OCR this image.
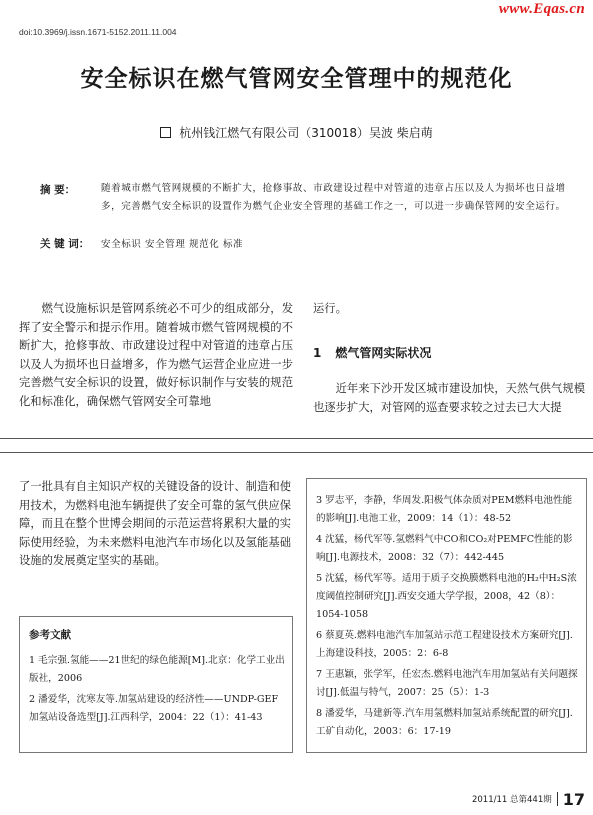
www.Eqas.cn
doi:10.3969/j.issn.1671-5152.2011.11.004
安全标识在燃气管网安全管理中的规范化
杭州钱江燃气有限公司（310018）吴波 柴启萌
摘 要：	随着城市燃气管网规模的不断扩大，抢修事故、市政建设过程中对管道的违章占压以及人为损坏也日益增多，完善燃气安全标识的设置作为燃气企业安全管理的基础工作之一，可以进一步确保管网的安全运行。
关 键 词： 安全标识 安全管理 规范化 标准
燃气设施标识是管网系统必不可少的组成部分，发挥了安全警示和提示作用。随着城市燃气管网规模的不断扩大，抢修事故、市政建设过程中对管道的违章占压以及人为损坏也日益增多，作为燃气运营企业应进一步完善燃气安全标识的设置，做好标识制作与安装的规范化和标准化，确保燃气管网安全可靠地
运行。
1 燃气管网实际状况
近年来下沙开发区城市建设加快，天然气供气规模也逐步扩大，对管网的巡查要求较之过去已大大提
了一批具有自主知识产权的关键设备的设计、制造和使用技术，为燃料电池车辆提供了安全可靠的氢气供应保障，而且在整个世博会期间的示范运营将累积大量的实际使用经验，为未来燃料电池汽车市场化以及氢能基础设施的发展奠定坚实的基础。
参考文献
1 毛宗强.氢能——21世纪的绿色能源[M].北京：化学工业出版社，2006
2 潘爱华，沈寒友等.加氢站建设的经济性——UNDP-GEF加氢站设备选型[J].江西科学，2004：22（1）：41-43
3 罗志平，李静，华周发.阳极气体杂质对PEM燃料电池性能的影响[J].电池工业，2009：14（1）：48-52
4 沈猛，杨代军等.氢燃料气中CO和CO₂对PEMFC性能的影响[J].电源技术，2008：32（7）：442-445
5 沈猛，杨代军等。适用于质子交换膜燃料电池的H₂中H₂S浓度阈值控制研究[J].西安交通大学学报，2008，42（8）：1054-1058
6 蔡夏英.燃料电池汽车加氢站示范工程建设技术方案研究[J].上海建设科技，2005：2：6-8
7 王惠颖，张学军，任宏杰.燃料电池汽车用加氢站有关问题探讨[J].低温与特气，2007：25（5）：1-3
8 潘爱华，马建新等.汽车用氢燃料加氢站系统配置的研究[J].工矿自动化，2003：6：17-19
2011/11 总第441期 17
